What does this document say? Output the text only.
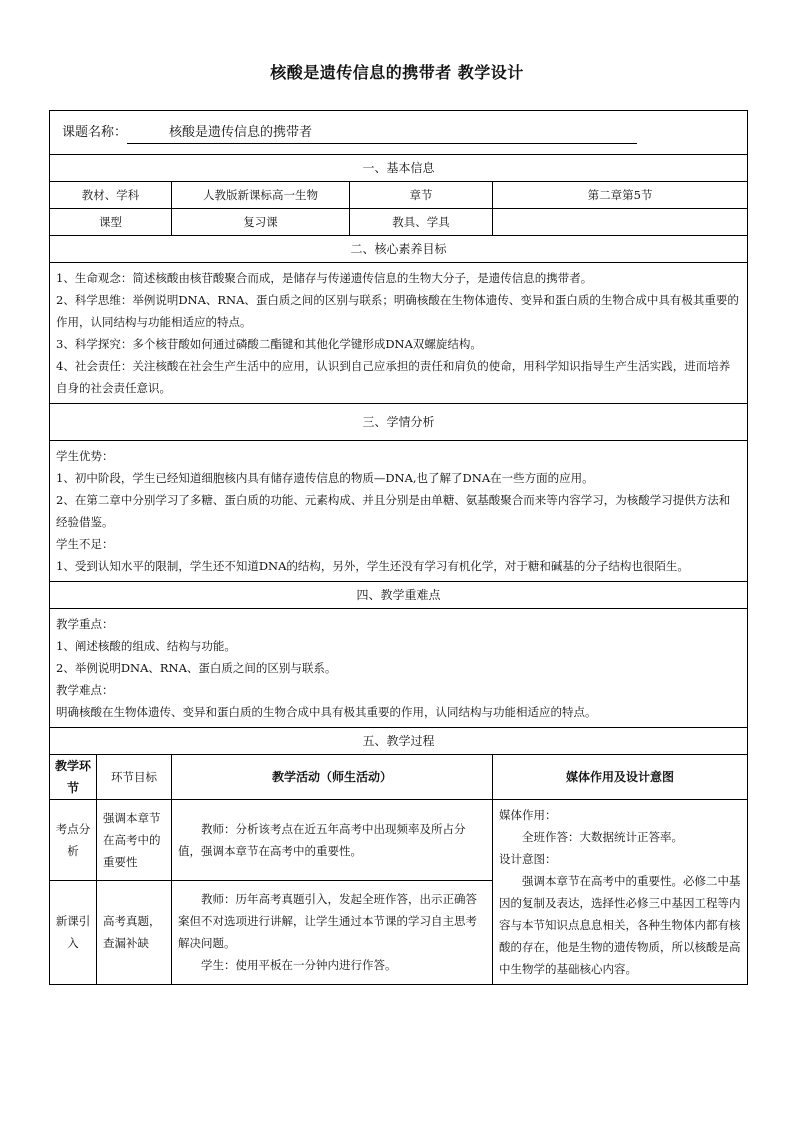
核酸是遗传信息的携带者 教学设计
课题名称： 核酸是遗传信息的携带者				
一、基本信息				
教材、学科		人教版新课标高一生物	章节	第二章第5节
课型		复习课	教具、学具	
二、核心素养目标				

1、生命观念：简述核酸由核苷酸聚合而成，是储存与传递遗传信息的生物大分子，是遗传信息的携带者。

2、科学思维：举例说明DNA、RNA、蛋白质之间的区别与联系；明确核酸在生物体遗传、变异和蛋白质的生物合成中具有极其重要的作用，认同结构与功能相适应的特点。

3、科学探究：多个核苷酸如何通过磷酸二酯键和其他化学键形成DNA双螺旋结构。

4、社会责任：关注核酸在社会生产生活中的应用，认识到自己应承担的责任和肩负的使命，用科学知识指导生产生活实践，进而培养自身的社会责任意识。				

三、学情分析				

学生优势：

1、初中阶段，学生已经知道细胞核内具有储存遗传信息的物质—DNA,也了解了DNA在一些方面的应用。

2、在第二章中分别学习了多糖、蛋白质的功能、元素构成、并且分别是由单糖、氨基酸聚合而来等内容学习，为核酸学习提供方法和经验借鉴。

学生不足：

1、受到认知水平的限制，学生还不知道DNA的结构，另外，学生还没有学习有机化学，对于糖和碱基的分子结构也很陌生。				

四、教学重难点				

教学重点：

1、阐述核酸的组成、结构与功能。

2、举例说明DNA、RNA、蛋白质之间的区别与联系。

教学难点：

明确核酸在生物体遗传、变异和蛋白质的生物合成中具有极其重要的作用，认同结构与功能相适应的特点。				

五、教学过程				
教学环节	环节目标	教学活动（师生活动）		媒体作用及设计意图
考点分析	强调本章节在高考中的重要性	教师：分析该考点在近五年高考中出现频率及所占分值，强调本章节在高考中的重要性。		媒体作用：

全班作答：大数据统计正答率。

设计意图：

强调本章节在高考中的重要性。必修二中基因的复制及表达，选择性必修三中基因工程等内容与本节知识点息息相关，各种生物体内都有核酸的存在，他是生物的遗传物质，所以核酸是高中生物学的基础核心内容。

新课引入	高考真题，查漏补缺	教师：历年高考真题引入，发起全班作答，出示正确答案但不对选项进行讲解，让学生通过本节课的学习自主思考解决问题。

学生：使用平板在一分钟内进行作答。		
